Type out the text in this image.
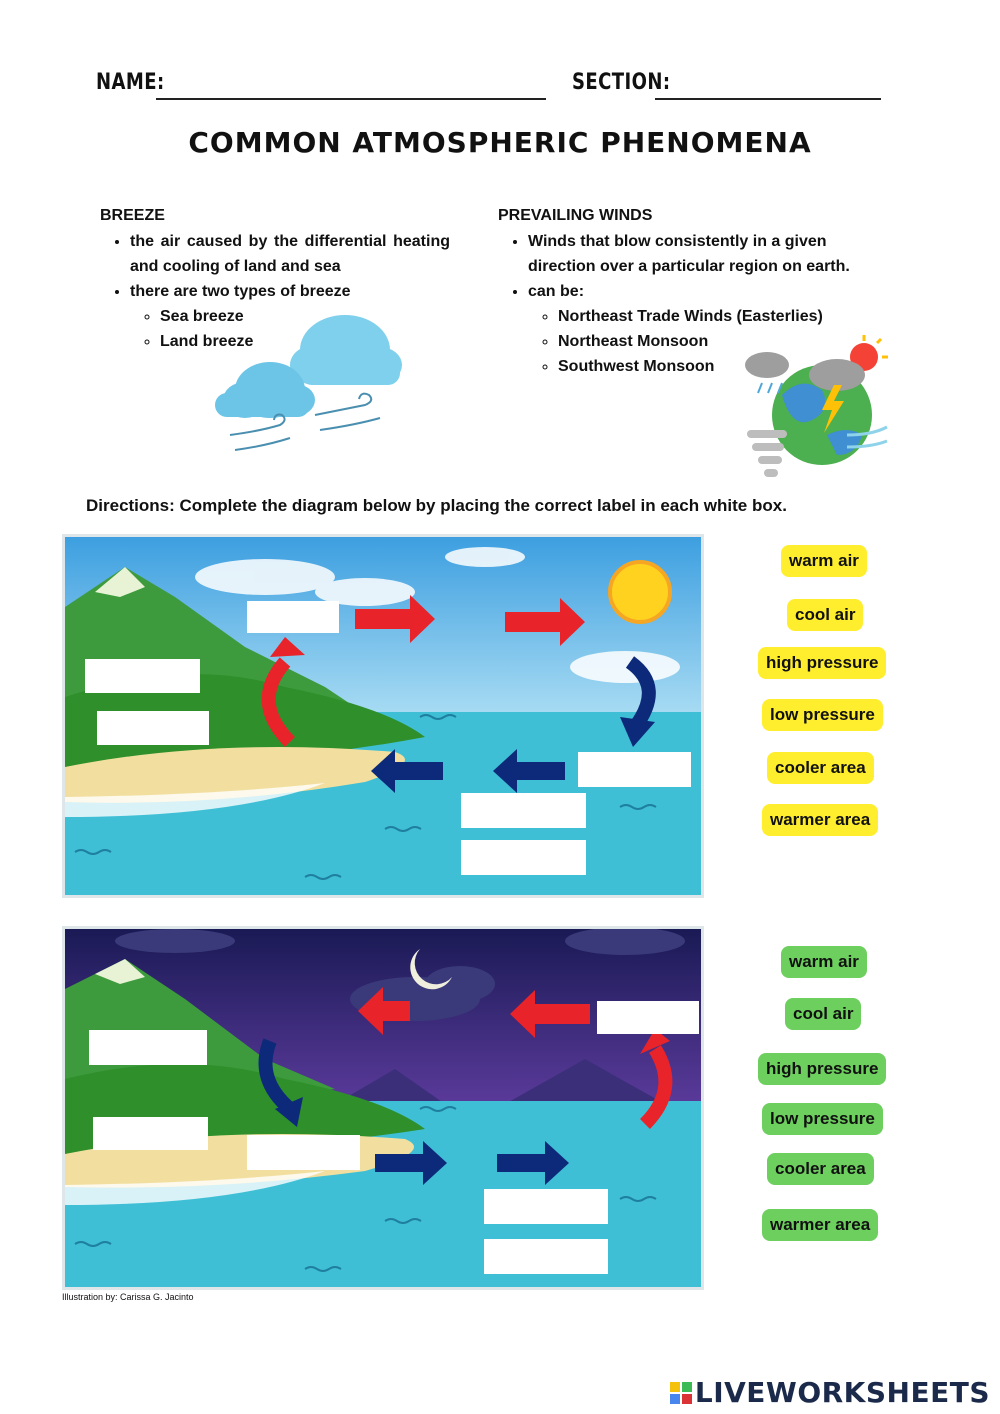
NAME:	SECTION:
COMMON ATMOSPHERIC PHENOMENA
BREEZE
• the air caused by the differential heating and cooling of land and sea
• there are two types of breeze
◦ Sea breeze
◦ Land breeze
PREVAILING WINDS
• Winds that blow consistently in a given direction over a particular region on earth.
• can be:
◦ Northeast Trade Winds (Easterlies)
◦ Northeast Monsoon
◦ Southwest Monsoon
Directions: Complete the diagram below by placing the correct label in each white box.
warm air
cool air
high pressure
low pressure
cooler area
warmer area
warm air
cool air
high pressure
low pressure
cooler area
warmer area
Illustration by: Carissa G. Jacinto
LIVEWORKSHEETS
